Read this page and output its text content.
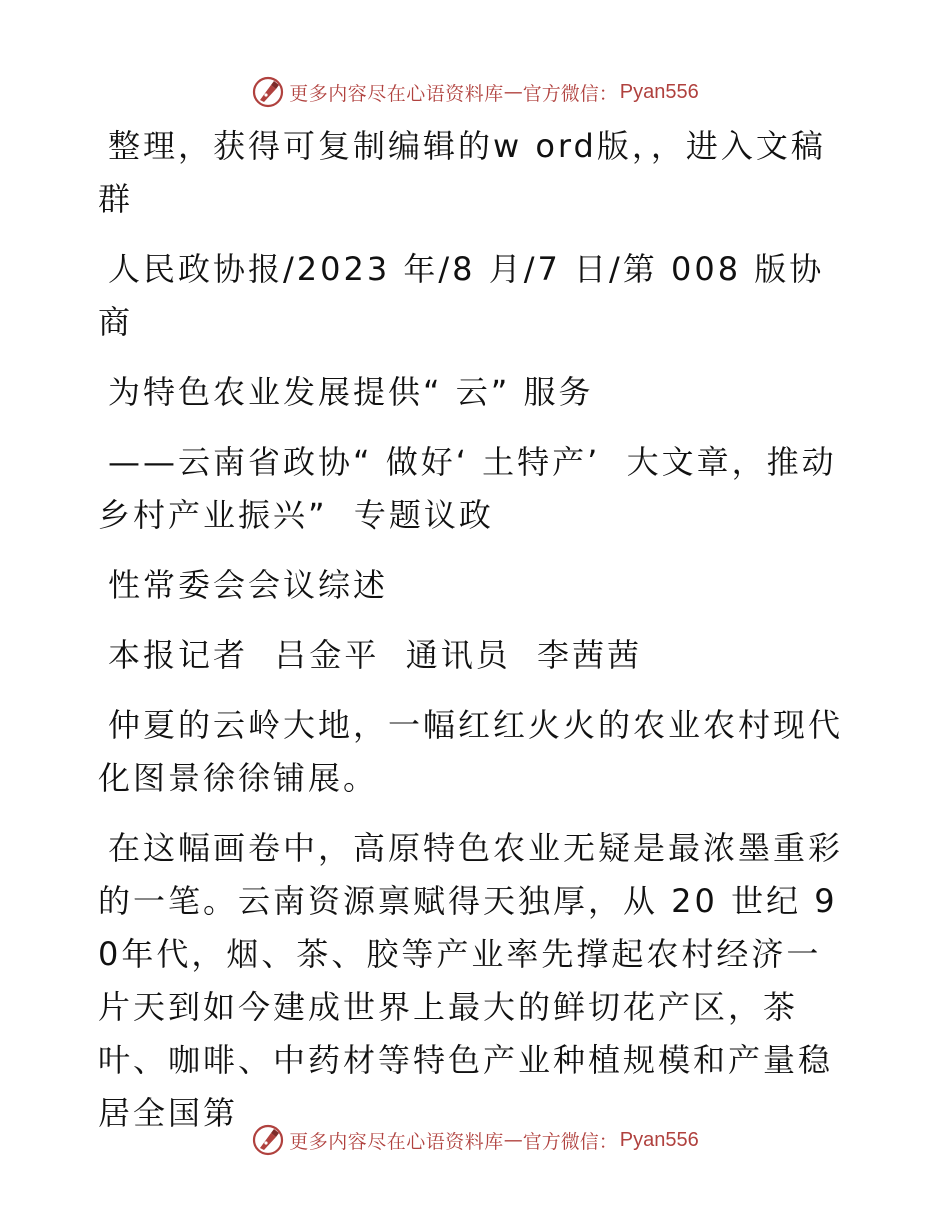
更多内容尽在心语资料库 — 官方微信： Pyan556

整理，获得可复制编辑的w ord版，，进入文稿群

人民政协报/2023 年/8 月/7 日/第 008 版协商

为特色农业发展提供“ 云” 服务

——云南省政协“ 做好‘ 土特产’  大文章，推动乡村产业振兴”  专题议政

性常委会会议综述

本报记者  吕金平  通讯员  李茜茜

仲夏的云岭大地，一幅红红火火的农业农村现代化图景徐徐铺展。

在这幅画卷中，高原特色农业无疑是最浓墨重彩的一笔。云南资源禀赋得天独厚，从 20 世纪 90年代，烟、茶、胶等产业率先撑起农村经济一片天到如今建成世界上最大的鲜切花产区，茶叶、咖啡、中药材等特色产业种植规模和产量稳居全国第

更多内容尽在心语资料库 — 官方微信： Pyan556
